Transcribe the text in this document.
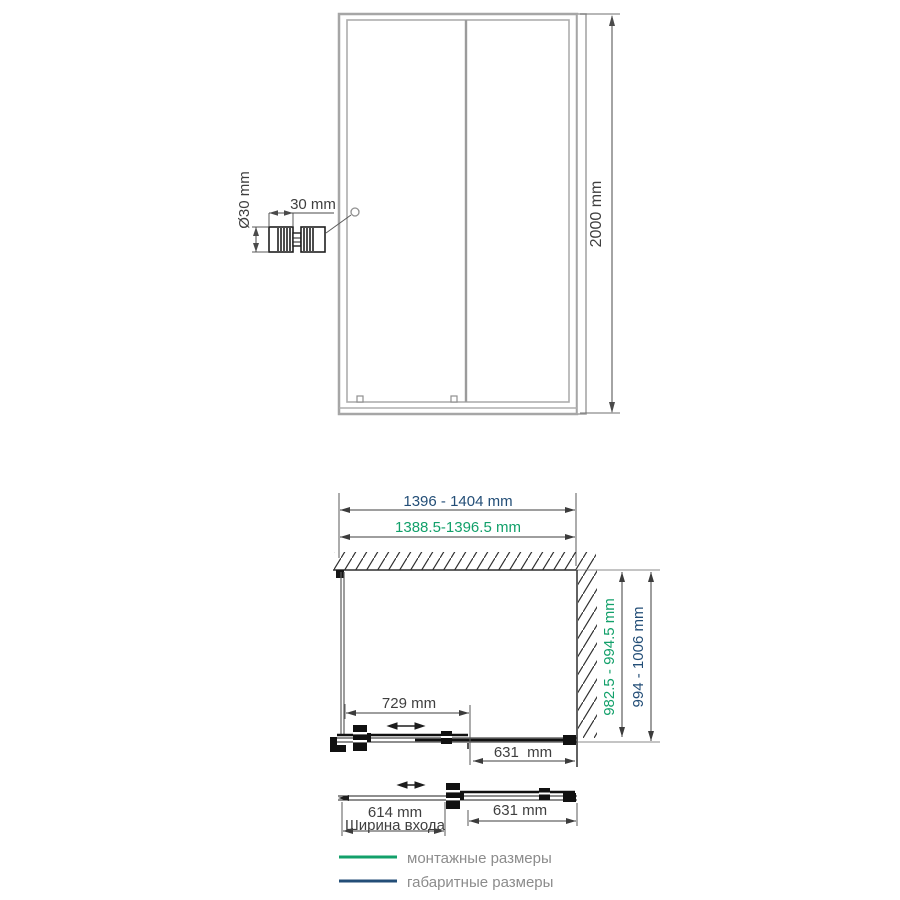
2000 mm
Ø30 mm 30 mm
1396 - 1404 mm
1388.5-1396.5 mm
729 mm
631  mm
982.5 - 994.5 mm 994 - 1006 mm
614 mm
Ширина входа
631 mm
монтажные размеры
габаритные размеры
